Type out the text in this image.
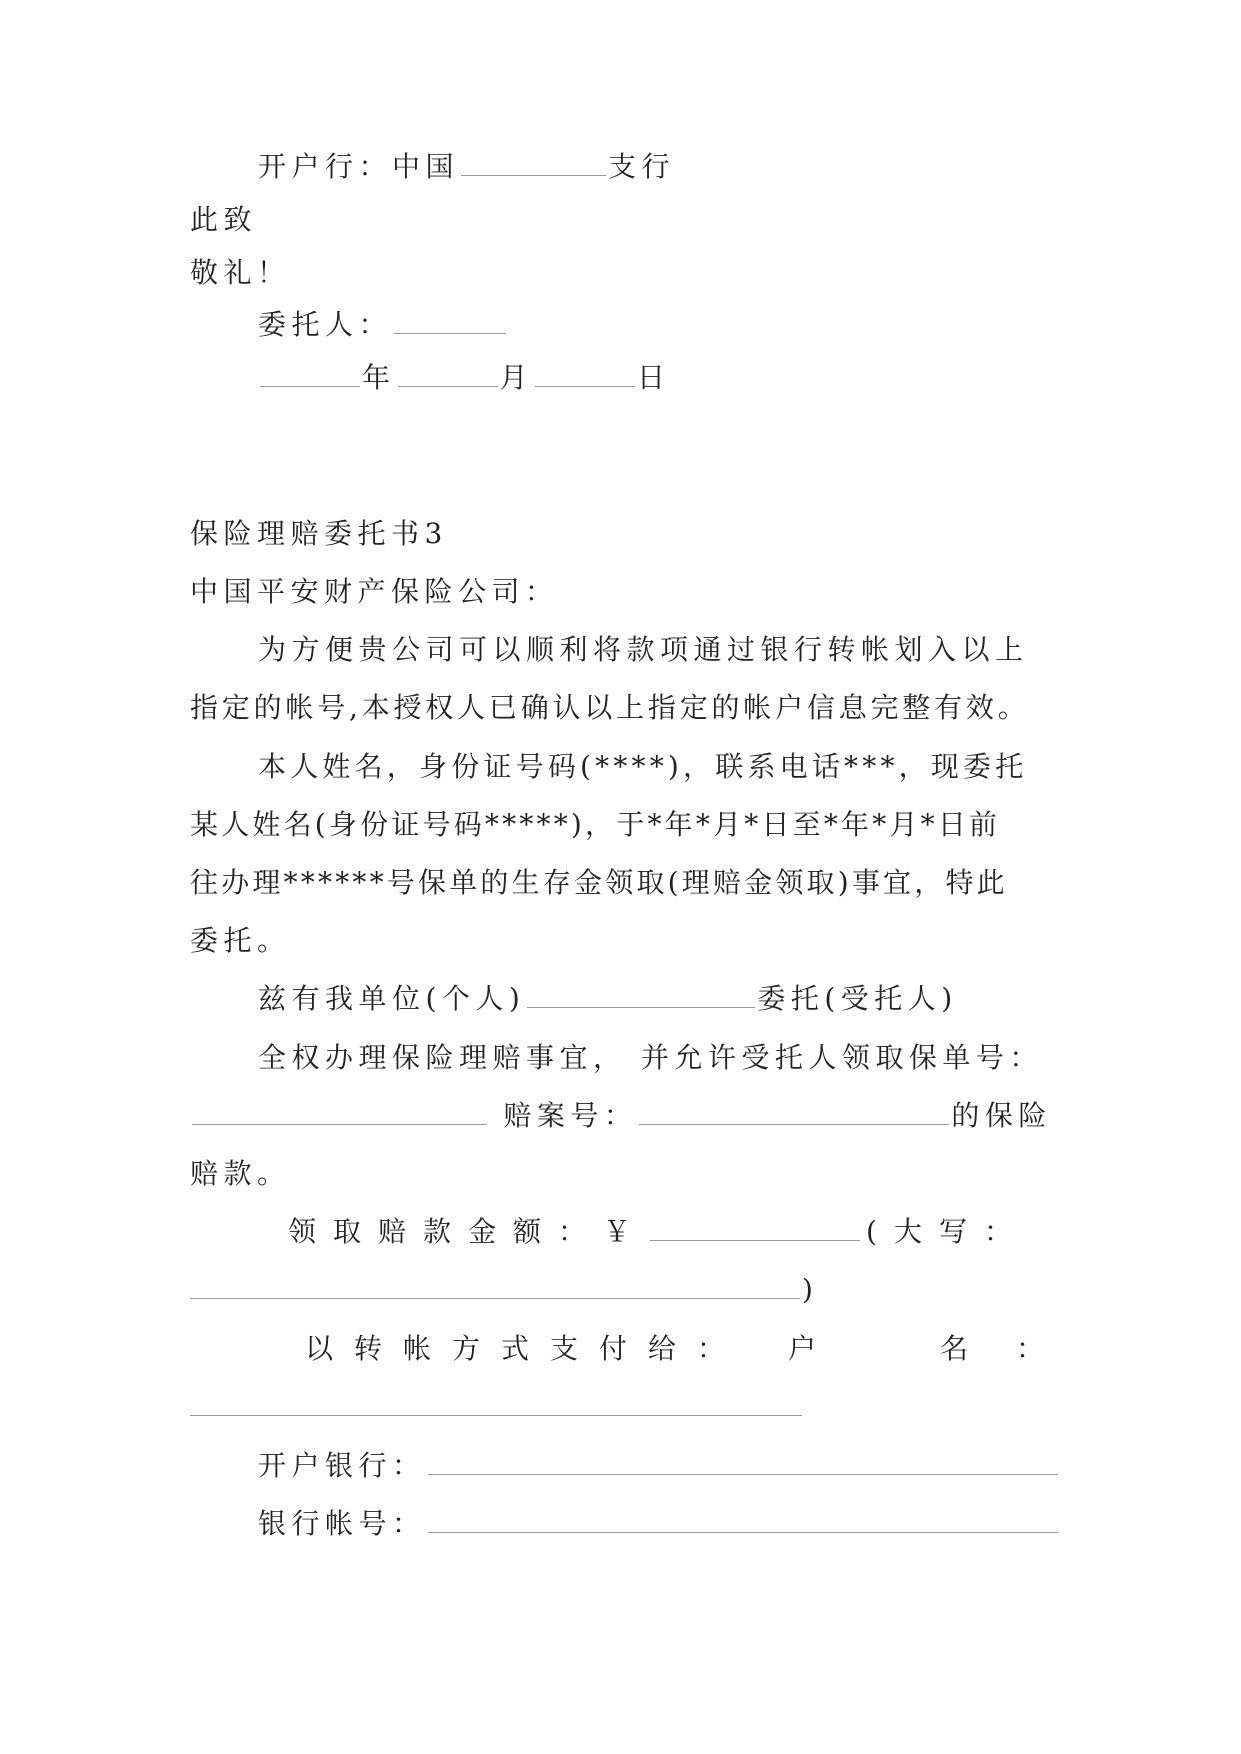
开户行：中国	支行
此致
敬礼！
委托人：
年	月	日
保险理赔委托书3
中国平安财产保险公司：
为方便贵公司可以顺利将款项通过银行转帐划入以上
指定的帐号,本授权人已确认以上指定的帐户信息完整有效。
本人姓名，身份证号码(****)，联系电话***，现委托
某人姓名(身份证号码*****)，于*年*月*日至*年*月*日前
往办理******号保单的生存金领取(理赔金领取)事宜，特此
委托。
兹有我单位(个人)	委托(受托人)
全权办理保险理赔事宜， 并允许受托人领取保单号：
赔案号：	的保险
赔款。
领取赔款金额：￥	(大写：
)
以转帐方式支付给： 户　名：
开户银行：
银行帐号：
